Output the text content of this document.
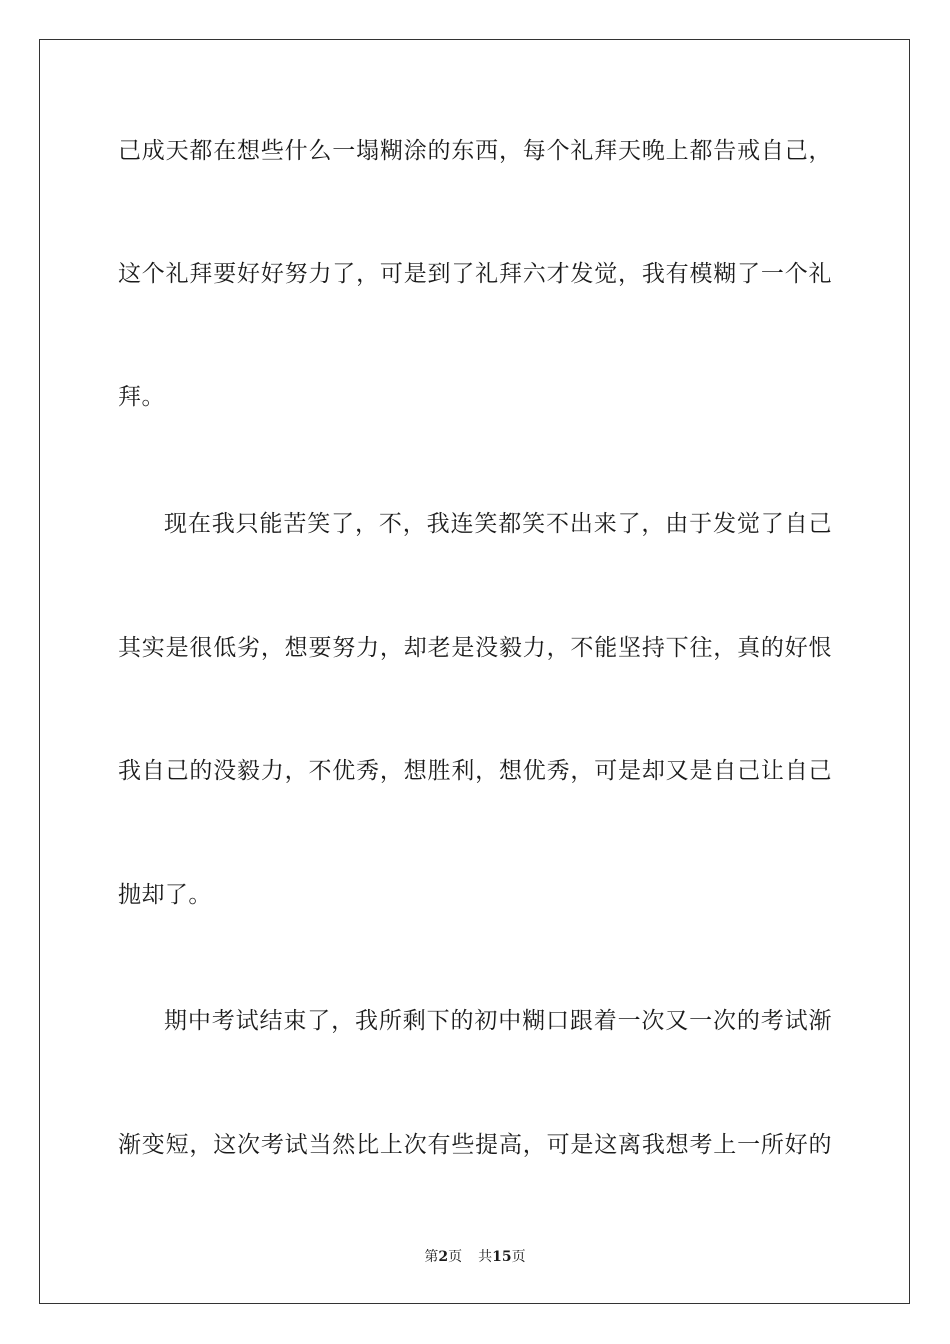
己成天都在想些什么一塌糊涂的东西，每个礼拜天晚上都告戒自己，
这个礼拜要好好努力了，可是到了礼拜六才发觉，我有模糊了一个礼
拜。
现在我只能苦笑了，不，我连笑都笑不出来了，由于发觉了自己
其实是很低劣，想要努力，却老是没毅力，不能坚持下往，真的好恨
我自己的没毅力，不优秀，想胜利，想优秀，可是却又是自己让自己
抛却了。
期中考试结束了，我所剩下的初中糊口跟着一次又一次的考试渐
渐变短，这次考试当然比上次有些提高，可是这离我想考上一所好的
第2页 共15页
